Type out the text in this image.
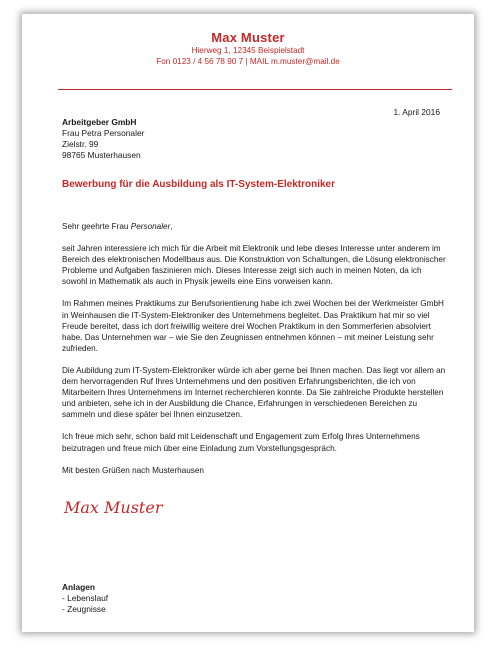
Max Muster
Hierweg 1, 12345 Beispielstadt
Fon 0123 / 4 56 78 90 7 | MAIL m.muster@mail.de
1. April 2016
Arbeitgeber GmbH
Frau Petra Personaler
Zielstr. 99
98765 Musterhausen
Bewerbung für die Ausbildung als IT-System-Elektroniker

Sehr geehrte Frau Personaler,

seit Jahren interessiere ich mich für die Arbeit mit Elektronik und lebe dieses Interesse unter anderem im Bereich des elektronischen Modellbaus aus. Die Konstruktion von Schaltungen, die Lösung elektronischer Probleme und Aufgaben faszinieren mich. Dieses Interesse zeigt sich auch in meinen Noten, da ich sowohl in Mathematik als auch in Physik jeweils eine Eins vorweisen kann.

Im Rahmen meines Praktikums zur Berufsorientierung habe ich zwei Wochen bei der Werkmeister GmbH in Weinhausen die IT-System-Elektroniker des Unternehmens begleitet. Das Praktikum hat mir so viel Freude bereitet, dass ich dort freiwillig weitere drei Wochen Praktikum in den Sommerferien absolviert habe. Das Unternehmen war – wie Sie den Zeugnissen entnehmen können – mit meiner Leistung sehr zufrieden.

Die Aubildung zum IT-System-Elektroniker würde ich aber gerne bei Ihnen machen. Das liegt vor allem an dem hervorragenden Ruf Ihres Unternehmens und den positiven Erfahrungsberichten, die ich von Mitarbeitern Ihres Unternehmens im Internet recherchieren konnte. Da Sie zahlreiche Produkte herstellen und anbieten, sehe ich in der Ausbildung die Chance, Erfahrungen in verschiedenen Bereichen zu sammeln und diese später bei Ihnen einzusetzen.

Ich freue mich sehr, schon bald mit Leidenschaft und Engagement zum Erfolg Ihres Unternehmens beizutragen und freue mich über eine Einladung zum Vorstellungsgespräch.

Mit besten Grüßen nach Musterhausen

Max Muster
Anlagen
- Lebenslauf
- Zeugnisse
